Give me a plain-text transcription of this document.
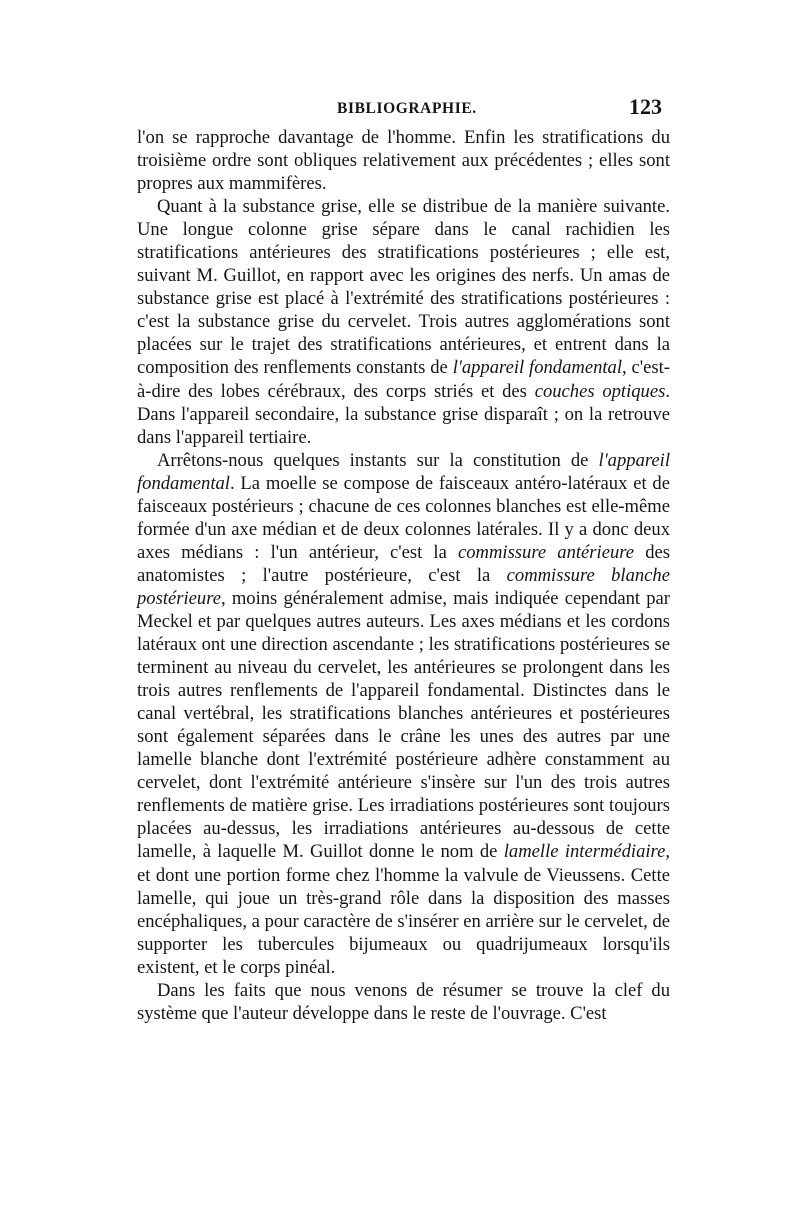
BIBLIOGRAPHIE.	123

l'on se rapproche davantage de l'homme. Enfin les stratifications du troisième ordre sont obliques relativement aux précédentes ; elles sont propres aux mammifères.

Quant à la substance grise, elle se distribue de la manière suivante. Une longue colonne grise sépare dans le canal rachidien les stratifications antérieures des stratifications postérieures ; elle est, suivant M. Guillot, en rapport avec les origines des nerfs. Un amas de substance grise est placé à l'extrémité des stratifications postérieures : c'est la substance grise du cervelet. Trois autres agglomérations sont placées sur le trajet des stratifications antérieures, et entrent dans la composition des renflements constants de l'appareil fondamental, c'est-à-dire des lobes cérébraux, des corps striés et des couches optiques. Dans l'appareil secondaire, la substance grise disparaît ; on la retrouve dans l'appareil tertiaire.

Arrêtons-nous quelques instants sur la constitution de l'appareil fondamental. La moelle se compose de faisceaux antéro-latéraux et de faisceaux postérieurs ; chacune de ces colonnes blanches est elle-même formée d'un axe médian et de deux colonnes latérales. Il y a donc deux axes médians : l'un antérieur, c'est la commissure antérieure des anatomistes ; l'autre postérieure, c'est la commissure blanche postérieure, moins généralement admise, mais indiquée cependant par Meckel et par quelques autres auteurs. Les axes médians et les cordons latéraux ont une direction ascendante ; les stratifications postérieures se terminent au niveau du cervelet, les antérieures se prolongent dans les trois autres renflements de l'appareil fondamental. Distinctes dans le canal vertébral, les stratifications blanches antérieures et postérieures sont également séparées dans le crâne les unes des autres par une lamelle blanche dont l'extrémité postérieure adhère constamment au cervelet, dont l'extrémité antérieure s'insère sur l'un des trois autres renflements de matière grise. Les irradiations postérieures sont toujours placées au-dessus, les irradiations antérieures au-dessous de cette lamelle, à laquelle M. Guillot donne le nom de lamelle intermédiaire, et dont une portion forme chez l'homme la valvule de Vieussens. Cette lamelle, qui joue un très-grand rôle dans la disposition des masses encéphaliques, a pour caractère de s'insérer en arrière sur le cervelet, de supporter les tubercules bijumeaux ou quadrijumeaux lorsqu'ils existent, et le corps pinéal.

Dans les faits que nous venons de résumer se trouve la clef du système que l'auteur développe dans le reste de l'ouvrage. C'est
